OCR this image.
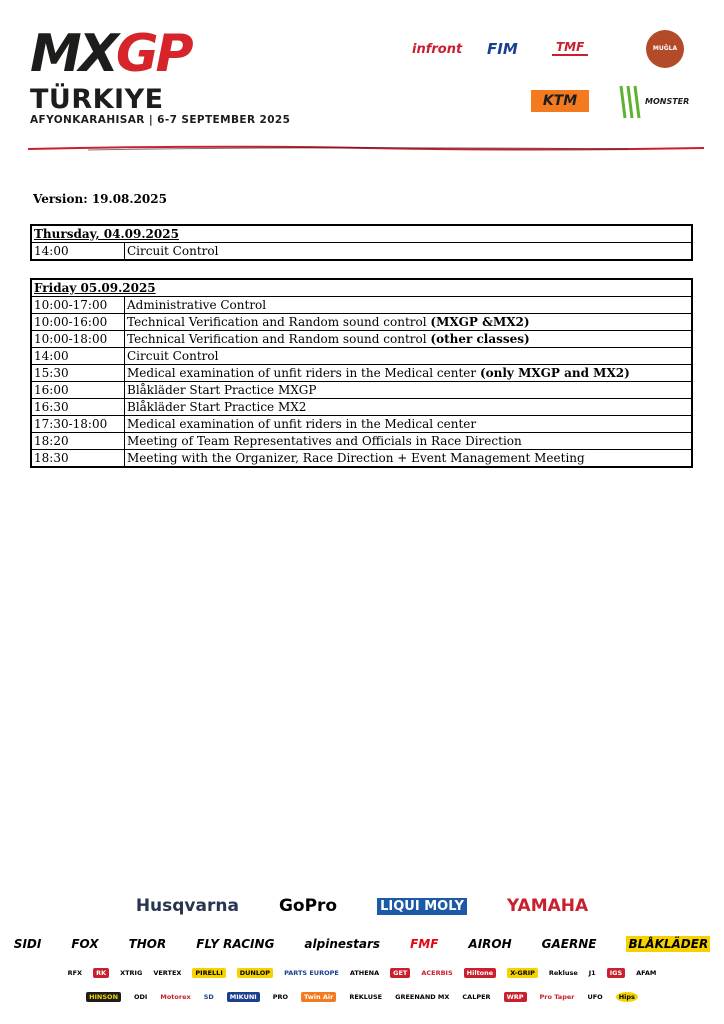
MXGP
TÜRKIYE
AFYONKARAHISAR | 6-7 SEPTEMBER 2025
infront FIM	TMF	MUĞLA
KTM	MONSTER
Version: 19.08.2025
Thursday, 04.09.2025
14:00	Circuit Control
Friday 05.09.2025	
10:00-17:00	Administrative Control
10:00-16:00	Technical Verification and Random sound control (MXGP &MX2)
10:00-18:00	Technical Verification and Random sound control (other classes)
14:00	Circuit Control
15:30	Medical examination of unfit riders in the Medical center (only MXGP and MX2)
16:00	Blåkläder Start Practice MXGP
16:30	Blåkläder Start Practice MX2
17:30-18:00	Medical examination of unfit riders in the Medical center
18:20	Meeting of Team Representatives and Officials in Race Direction
18:30	Meeting with the Organizer, Race Direction + Event Management Meeting
Husqvarna GoPro	LIQUI MOLY	YAMAHA
SIDI	FOX	THOR	FLY RACING	alpinestars	FMF	AIROH	GAERNE	BLÅKLÄDER
RFX	RK	XTRIG VERTEX	PIRELLI	DUNLOP	PARTS EUROPE ATHENA	GET	ACERBIS	Hiltone	X-GRIP	Rekluse J1	IGS	AFAM
HINSON	ODI Motorex SD	MIKUNI	PRO	Twin Air	REKLUSE GREENAND MX CALPER	WRP	Pro Taper UFO	Hips
